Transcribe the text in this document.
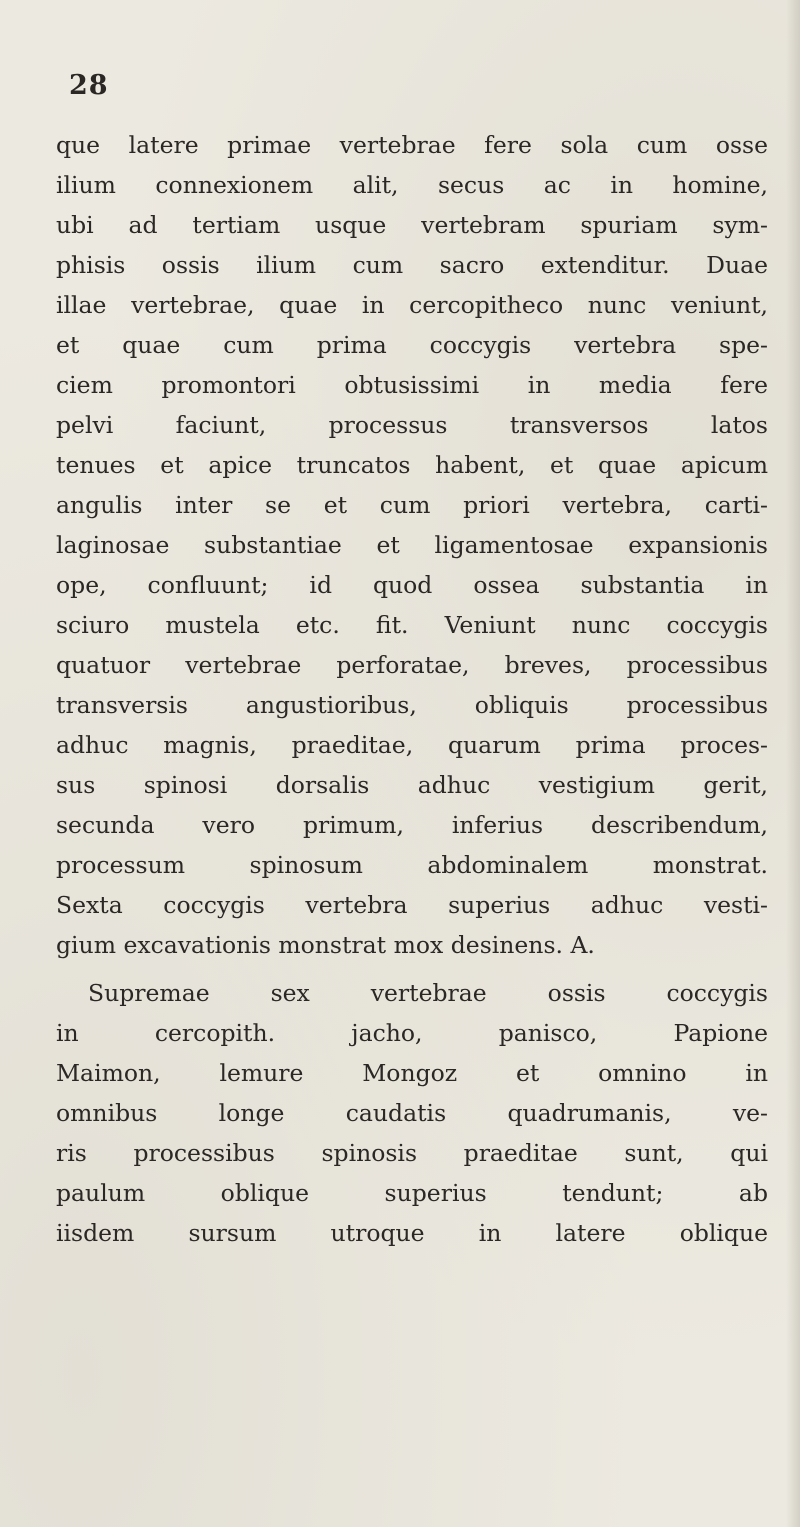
28
que latere primae vertebrae fere sola cum osse
ilium connexionem alit, secus ac in homine,
ubi ad tertiam usque vertebram spuriam sym-
phisis ossis ilium cum sacro extenditur. Duae
illae vertebrae, quae in cercopitheco nunc veniunt,
et quae cum prima coccygis vertebra spe-
ciem promontori obtusissimi in media fere
pelvi faciunt, processus transversos latos
tenues et apice truncatos habent, et quae apicum
angulis inter se et cum priori vertebra, carti-
laginosae substantiae et ligamentosae expansionis
ope, confluunt; id quod ossea substantia in
sciuro mustela etc. fit. Veniunt nunc coccygis
quatuor vertebrae perforatae, breves, processibus
transversis angustioribus, obliquis processibus
adhuc magnis, praeditae, quarum prima proces-
sus spinosi dorsalis adhuc vestigium gerit,
secunda vero primum, inferius describendum,
processum spinosum abdominalem monstrat.
Sexta coccygis vertebra superius adhuc vesti-
gium excavationis monstrat mox desinens. A.
Supremae sex vertebrae ossis coccygis
in cercopith. jacho, panisco, Papione
Maimon, lemure Mongoz et omnino in
omnibus longe caudatis quadrumanis, ve-
ris processibus spinosis praeditae sunt, qui
paulum oblique superius tendunt; ab
iisdem sursum utroque in latere oblique
